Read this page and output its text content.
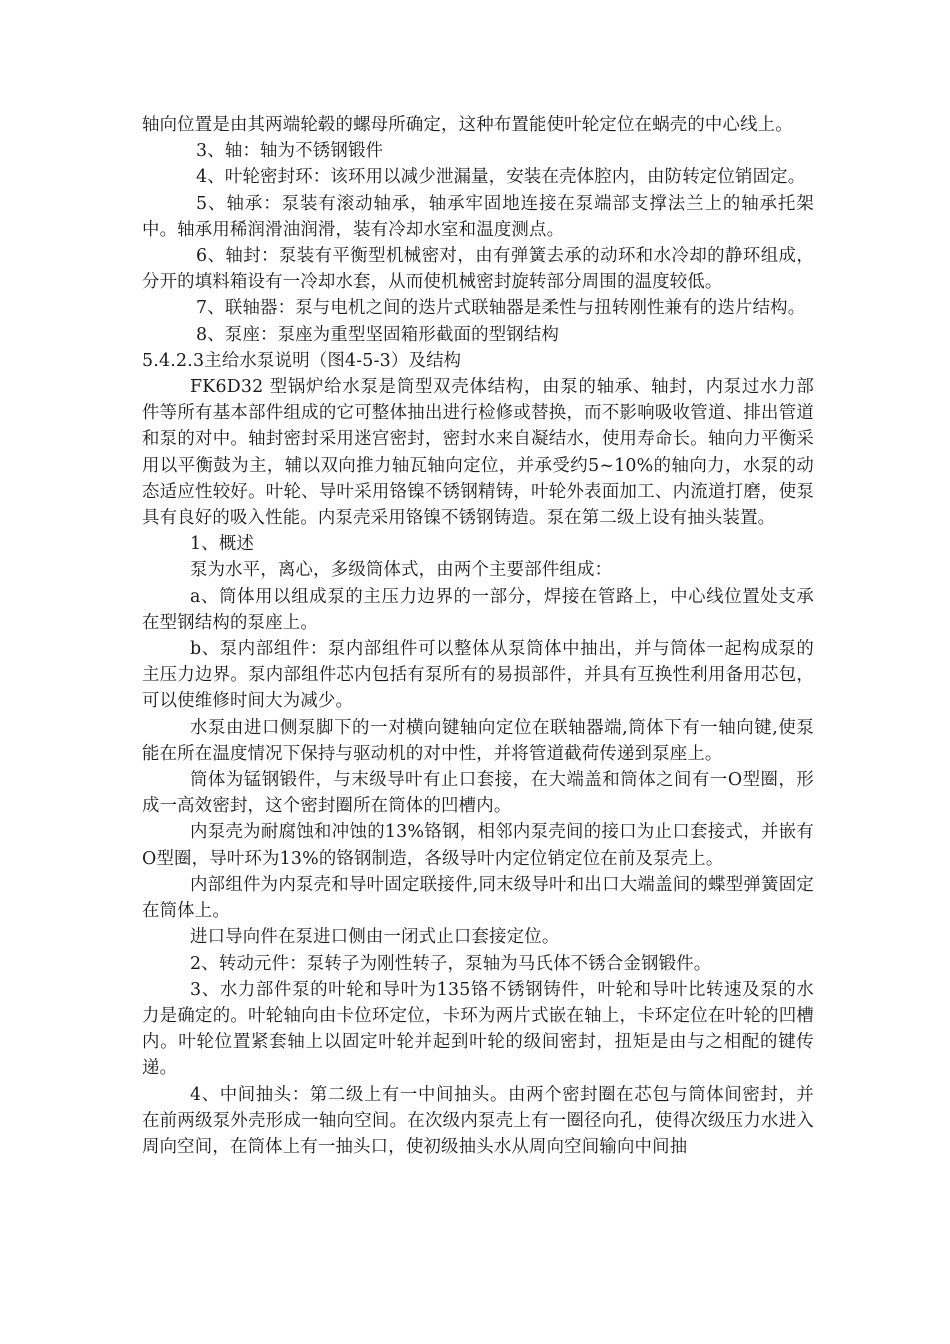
轴向位置是由其两端轮毂的螺母所确定，这种布置能使叶轮定位在蜗壳的中心线上。

3、轴：轴为不锈钢锻件

4、叶轮密封环：该环用以减少泄漏量，安装在壳体腔内，由防转定位销固定。

5、轴承：泵装有滚动轴承，轴承牢固地连接在泵端部支撑法兰上的轴承托架中。轴承用稀润滑油润滑，装有冷却水室和温度测点。

6、轴封：泵装有平衡型机械密对，由有弹簧去承的动环和水冷却的静环组成，分开的填料箱设有一冷却水套，从而使机械密封旋转部分周围的温度较低。

7、联轴器：泵与电机之间的迭片式联轴器是柔性与扭转刚性兼有的迭片结构。

8、泵座：泵座为重型坚固箱形截面的型钢结构

5.4.2.3主给水泵说明（图4-5-3）及结构

FK6D32 型锅炉给水泵是筒型双壳体结构，由泵的轴承、轴封，内泵过水力部件等所有基本部件组成的它可整体抽出进行检修或替换，而不影响吸收管道、排出管道和泵的对中。轴封密封采用迷宫密封，密封水来自凝结水，使用寿命长。轴向力平衡采用以平衡鼓为主，辅以双向推力轴瓦轴向定位，并承受约5~10%的轴向力，水泵的动态适应性较好。叶轮、导叶采用铬镍不锈钢精铸，叶轮外表面加工、内流道打磨，使泵具有良好的吸入性能。内泵壳采用铬镍不锈钢铸造。泵在第二级上设有抽头装置。

1、概述

泵为水平，离心，多级筒体式，由两个主要部件组成：

a、筒体用以组成泵的主压力边界的一部分，焊接在管路上，中心线位置处支承在型钢结构的泵座上。

b、泵内部组件：泵内部组件可以整体从泵筒体中抽出，并与筒体一起构成泵的主压力边界。泵内部组件芯内包括有泵所有的易损部件，并具有互换性利用备用芯包，可以使维修时间大为减少。

水泵由进口侧泵脚下的一对横向键轴向定位在联轴器端,筒体下有一轴向键,使泵能在所在温度情况下保持与驱动机的对中性，并将管道截荷传递到泵座上。

筒体为锰钢锻件，与末级导叶有止口套接，在大端盖和筒体之间有一O型圈，形成一高效密封，这个密封圈所在筒体的凹槽内。

内泵壳为耐腐蚀和冲蚀的13%铬钢，相邻内泵壳间的接口为止口套接式，并嵌有O型圈，导叶环为13%的铬钢制造，各级导叶内定位销定位在前及泵壳上。

内部组件为内泵壳和导叶固定联接件,同末级导叶和出口大端盖间的蝶型弹簧固定在筒体上。

进口导向件在泵进口侧由一闭式止口套接定位。

2、转动元件：泵转子为刚性转子，泵轴为马氏体不锈合金钢锻件。

3、水力部件泵的叶轮和导叶为135铬不锈钢铸件，叶轮和导叶比转速及泵的水力是确定的。叶轮轴向由卡位环定位，卡环为两片式嵌在轴上，卡环定位在叶轮的凹槽内。叶轮位置紧套轴上以固定叶轮并起到叶轮的级间密封，扭矩是由与之相配的键传递。

4、中间抽头：第二级上有一中间抽头。由两个密封圈在芯包与筒体间密封，并在前两级泵外壳形成一轴向空间。在次级内泵壳上有一圈径向孔，使得次级压力水进入周向空间，在筒体上有一抽头口，使初级抽头水从周向空间输向中间抽
